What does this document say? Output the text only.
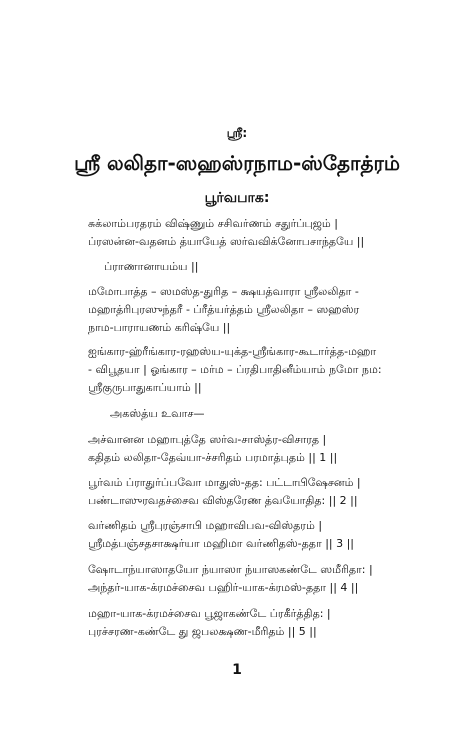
ஸ்ரீ:
ஸ்ரீ லலிதா-ஸஹஸ்ரநாம-ஸ்தோத்ரம்
பூர்வபாக:
சுக்லாம்பரதரம் விஷ்ணும் சசிவர்ணம் சதுர்ப்புஜம் |
ப்ரஸன்ன-வதனம் த்யாயேத் ஸர்வவிக்னோபசாந்தயே ||
ப்ராணானாயம்ய ||
மமோபாத்த – ஸமஸ்த-துரித – க்ஷயத்வாரா ஸ்ரீலலிதா -
மஹாத்ரிபுரஸுந்தரீ - ப்ரீத்யர்த்தம் ஸ்ரீலலிதா – ஸஹஸ்ர
நாம-பாராயணம் கரிஷ்யே ||
ஐங்கார-ஹ்ரீங்கார-ரஹஸ்ய-யுக்த-ஸ்ரீங்கார-கூடார்த்த-மஹா
- விபூதயா | ஓங்கார – மர்ம – ப்ரதிபாதினீம்யாம் நமோ நம:
ஸ்ரீகுருபாதுகாப்யாம் ||
அகஸ்த்ய உவாச—
அச்வானன மஹாபுத்தே ஸர்வ-சாஸ்த்ர-விசாரத |
கதிதம் லலிதா-தேவ்யா-ச்சரிதம் பரமாத்புதம் || 1 ||
பூர்வம் ப்ராதுர்ப்பவோ மாதுஸ்-தத: பட்டாபிஷேசனம் |
பண்டாஸுரவதச்சைவ விஸ்தரேண த்வயோதித: || 2 ||
வர்ணிதம் ஸ்ரீபுரஞ்சாபி மஹாவிபவ-விஸ்தரம் |
ஸ்ரீமத்பஞ்சதசாக்ஷர்யா மஹிமா வர்ணிதஸ்-ததா || 3 ||
ஷோடாந்யாஸாதயோ ந்யாஸா ந்யாஸகண்டே ஸமீரிதா: |
அந்தர்-யாக-க்ரமச்சைவ பஹிர்-யாக-க்ரமஸ்-ததா || 4 ||
மஹா-யாக-க்ரமச்சைவ பூஜாகண்டே ப்ரகீர்த்தித: |
புரச்சரண-கண்டே து ஜபலக்ஷண-மீரிதம் || 5 ||
1
